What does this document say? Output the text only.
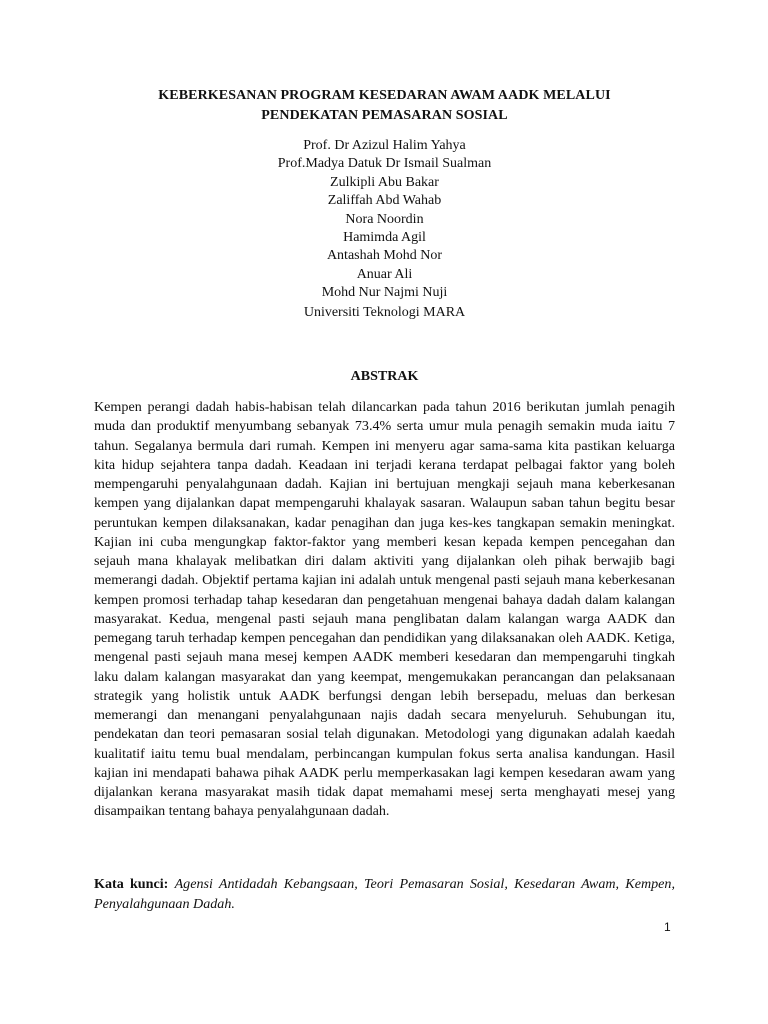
KEBERKESANAN PROGRAM KESEDARAN AWAM AADK MELALUI
PENDEKATAN PEMASARAN SOSIAL
Prof. Dr Azizul Halim Yahya
Prof.Madya Datuk Dr Ismail Sualman
Zulkipli Abu Bakar
Zaliffah Abd Wahab
Nora Noordin
Hamimda Agil
Antashah Mohd Nor
Anuar Ali
Mohd Nur Najmi Nuji
Universiti Teknologi MARA
ABSTRAK
Kempen perangi dadah habis-habisan telah dilancarkan pada tahun 2016 berikutan jumlah penagih muda dan produktif menyumbang sebanyak 73.4% serta umur mula penagih semakin muda iaitu 7 tahun. Segalanya bermula dari rumah. Kempen ini menyeru agar sama-sama kita pastikan keluarga kita hidup sejahtera tanpa dadah. Keadaan ini terjadi kerana terdapat pelbagai faktor yang boleh mempengaruhi penyalahgunaan dadah. Kajian ini bertujuan mengkaji sejauh mana keberkesanan kempen yang dijalankan dapat mempengaruhi khalayak sasaran. Walaupun saban tahun begitu besar peruntukan kempen dilaksanakan, kadar penagihan dan juga kes-kes tangkapan semakin meningkat. Kajian ini cuba mengungkap faktor-faktor yang memberi kesan kepada kempen pencegahan dan sejauh mana khalayak melibatkan diri dalam aktiviti yang dijalankan oleh pihak berwajib bagi memerangi dadah. Objektif pertama kajian ini adalah untuk mengenal pasti sejauh mana keberkesanan kempen promosi terhadap tahap kesedaran dan pengetahuan mengenai bahaya dadah dalam kalangan masyarakat. Kedua, mengenal pasti sejauh mana penglibatan dalam kalangan warga AADK dan pemegang taruh terhadap kempen pencegahan dan pendidikan yang dilaksanakan oleh AADK. Ketiga, mengenal pasti sejauh mana mesej kempen AADK memberi kesedaran dan mempengaruhi tingkah laku dalam kalangan masyarakat dan yang keempat, mengemukakan perancangan dan pelaksanaan strategik yang holistik untuk AADK berfungsi dengan lebih bersepadu, meluas dan berkesan memerangi dan menangani penyalahgunaan najis dadah secara menyeluruh. Sehubungan itu, pendekatan dan teori pemasaran sosial telah digunakan. Metodologi yang digunakan adalah kaedah kualitatif iaitu temu bual mendalam, perbincangan kumpulan fokus serta analisa kandungan. Hasil kajian ini mendapati bahawa pihak AADK perlu memperkasakan lagi kempen kesedaran awam yang dijalankan kerana masyarakat masih tidak dapat memahami mesej serta menghayati mesej yang disampaikan tentang bahaya penyalahgunaan dadah.
Kata kunci: Agensi Antidadah Kebangsaan, Teori Pemasaran Sosial, Kesedaran Awam, Kempen, Penyalahgunaan Dadah.
1
